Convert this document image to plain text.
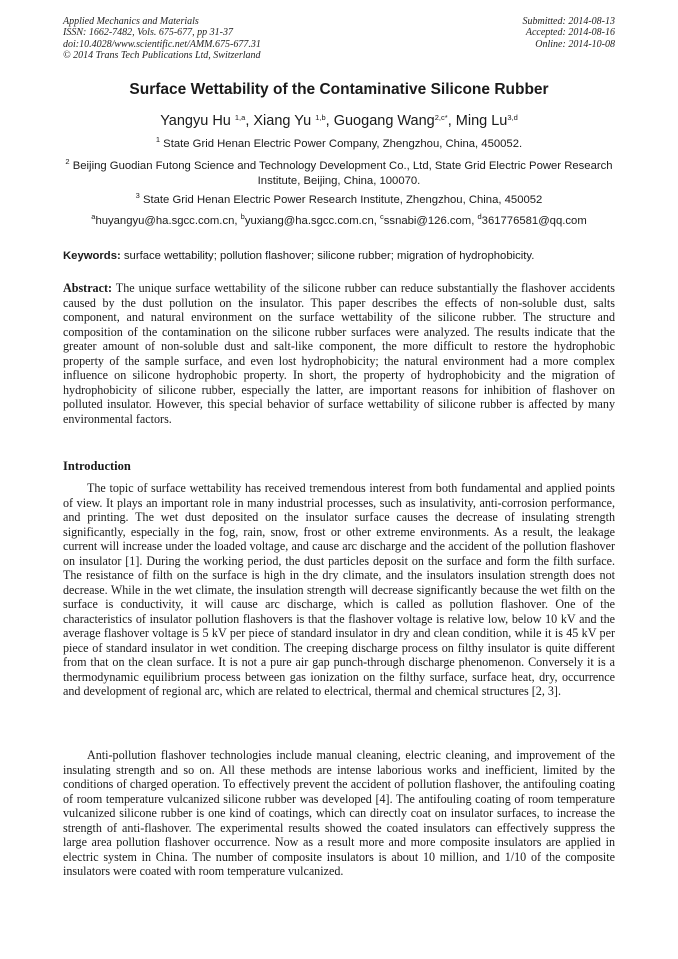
Applied Mechanics and Materials
ISSN: 1662-7482, Vols. 675-677, pp 31-37
doi:10.4028/www.scientific.net/AMM.675-677.31
© 2014 Trans Tech Publications Ltd, Switzerland
Submitted: 2014-08-13
Accepted: 2014-08-16
Online: 2014-10-08
Surface Wettability of the Contaminative Silicone Rubber
Yangyu Hu $^{1,a}$, Xiang Yu $^{1,b}$, Guogang Wang$^{2,c*}$, Ming Lu$^{3,d}$
$^1$ State Grid Henan Electric Power Company, Zhengzhou, China, 450052.
$^2$ Beijing Guodian Futong Science and Technology Development Co., Ltd, State Grid Electric Power Research Institute, Beijing, China, 100070.
$^3$ State Grid Henan Electric Power Research Institute, Zhengzhou, China, 450052
$^a$huyangyu@ha.sgcc.com.cn, $^b$yuxiang@ha.sgcc.com.cn, $^c$ssnabi@126.com, $^d$361776581@qq.com
Keywords: surface wettability; pollution flashover; silicone rubber; migration of hydrophobicity.

Abstract: The unique surface wettability of the silicone rubber can reduce substantially the flashover accidents caused by the dust pollution on the insulator. This paper describes the effects of non-soluble dust, salts component, and natural environment on the surface wettability of the silicone rubber. The structure and composition of the contamination on the silicone rubber surfaces were analyzed. The results indicate that the greater amount of non-soluble dust and salt-like component, the more difficult to restore the hydrophobic property of the sample surface, and even lost hydrophobicity; the natural environment had a more complex influence on silicone hydrophobic property. In short, the property of hydrophobicity and the migration of hydrophobicity of silicone rubber, especially the latter, are important reasons for inhibition of flashover on polluted insulator. However, this special behavior of surface wettability of silicone rubber is affected by many environmental factors.

Introduction

The topic of surface wettability has received tremendous interest from both fundamental and applied points of view. It plays an important role in many industrial processes, such as insulativity, anti-corrosion performance, and printing. The wet dust deposited on the insulator surface causes the decrease of insulating strength significantly, especially in the fog, rain, snow, frost or other extreme environments. As a result, the leakage current will increase under the loaded voltage, and cause arc discharge and the accident of the pollution flashover on insulator [1]. During the working period, the dust particles deposit on the surface and form the filth surface. The resistance of filth on the surface is high in the dry climate, and the insulators insulation strength does not decrease. While in the wet climate, the insulation strength will decrease significantly because the wet filth on the surface is conductivity, it will cause arc discharge, which is called as pollution flashover. One of the characteristics of insulator pollution flashovers is that the flashover voltage is relative low, below 10 kV and the average flashover voltage is 5 kV per piece of standard insulator in dry and clean condition, while it is 45 kV per piece of standard insulator in wet condition. The creeping discharge process on filthy insulator is quite different from that on the clean surface. It is not a pure air gap punch-through discharge phenomenon. Conversely it is a thermodynamic equilibrium process between gas ionization on the filthy surface, surface heat, dry, occurrence and development of regional arc, which are related to electrical, thermal and chemical structures [2, 3].

Anti-pollution flashover technologies include manual cleaning, electric cleaning, and improvement of the insulating strength and so on. All these methods are intense laborious works and inefficient, limited by the conditions of charged operation. To effectively prevent the accident of pollution flashover, the antifouling coating of room temperature vulcanized silicone rubber was developed [4]. The antifouling coating of room temperature vulcanized silicone rubber is one kind of coatings, which can directly coat on insulator surfaces, to increase the strength of anti-flashover. The experimental results showed the coated insulators can effectively suppress the large area pollution flashover occurrence. Now as a result more and more composite insulators are applied in electric system in China. The number of composite insulators is about 10 million, and 1/10 of the composite insulators were coated with room temperature vulcanized.
